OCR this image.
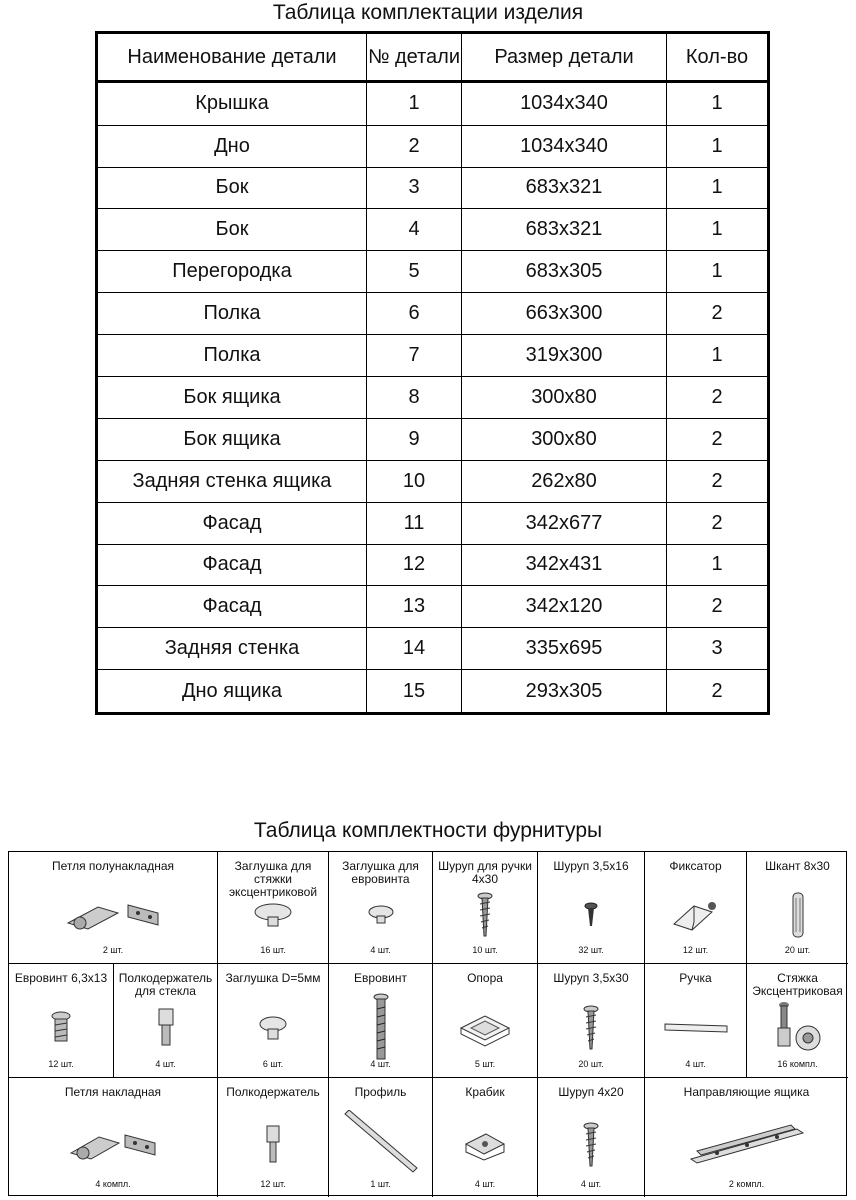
Таблица комплектации изделия
Наименование детали	№ детали	Размер детали	Кол-во
Крышка	1	1034x340	1
Дно	2	1034x340	1
Бок	3	683x321	1
Бок	4	683x321	1
Перегородка	5	683x305	1
Полка	6	663x300	2
Полка	7	319x300	1
Бок ящика	8	300x80	2
Бок ящика	9	300x80	2
Задняя стенка ящика	10	262x80	2
Фасад	11	342x677	2
Фасад	12	342x431	1
Фасад	13	342x120	2
Задняя стенка	14	335x695	3
Дно ящика	15	293x305	2
Таблица комплектности фурнитуры
Петля полунакладная
2 шт.
Заглушка для стяжки эксцентриковой
16 шт.
Заглушка для евровинта
4 шт.
Шуруп для ручки 4х30
10 шт.
Шуруп 3,5х16
32 шт.
Фиксатор
12 шт.
Шкант 8х30
20 шт.
Евровинт 6,3х13
12 шт.
Полкодержатель для стекла
4 шт.
Заглушка D=5мм
6 шт.
Евровинт
4 шт.
Опора
5 шт.
Шуруп 3,5х30
20 шт.
Ручка
4 шт.
Стяжка Эксцентриковая
16 компл.
Петля накладная
4 компл.
Полкодержатель
12 шт.
Профиль
1 шт.
Крабик
4 шт.
Шуруп 4х20
4 шт.
Направляющие ящика
2 компл.
